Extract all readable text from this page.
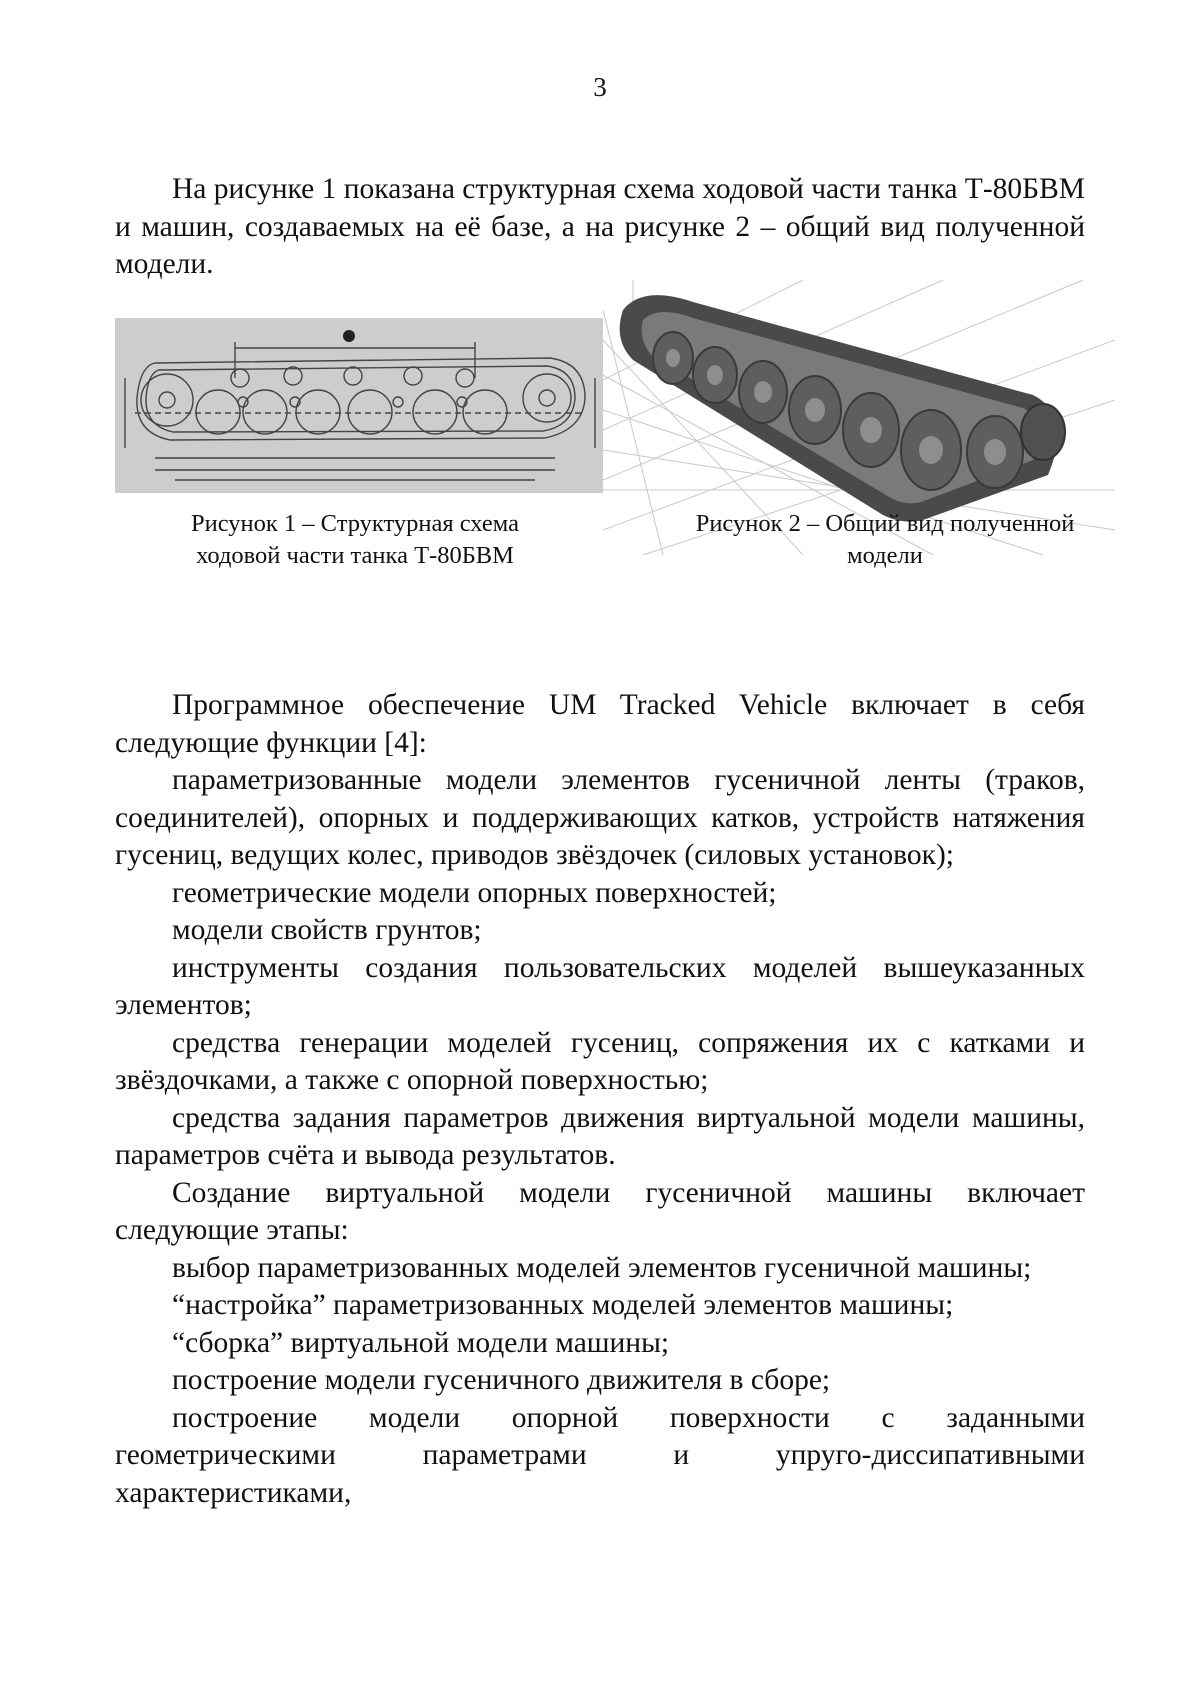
3

На рисунке 1 показана структурная схема ходовой части танка Т-80БВМ и машин, создаваемых на её базе, а на рисунке 2 – общий вид полученной модели.

Рисунок 1 – Структурная схема ходовой части танка Т-80БВМ
Рисунок 2 – Общий вид полученной модели
Программное обеспечение UM Tracked Vehicle включает в себя следующие функции [4]:
параметризованные модели элементов гусеничной ленты (траков, соединителей), опорных и поддерживающих катков, устройств натяжения гусениц, ведущих колес, приводов звёздочек (силовых установок);
геометрические модели опорных поверхностей;
модели свойств грунтов;
инструменты создания пользовательских моделей вышеуказанных элементов;
средства генерации моделей гусениц, сопряжения их с катками и звёздочками, а также с опорной поверхностью;
средства задания параметров движения виртуальной модели машины, параметров счёта и вывода результатов.
Создание виртуальной модели гусеничной машины включает следующие этапы:
выбор параметризованных моделей элементов гусеничной машины;
“настройка” параметризованных моделей элементов машины;
“сборка” виртуальной модели машины;
построение модели гусеничного движителя в сборе;
построение модели опорной поверхности с заданными геометрическими параметрами и упруго-диссипативными характеристиками,
